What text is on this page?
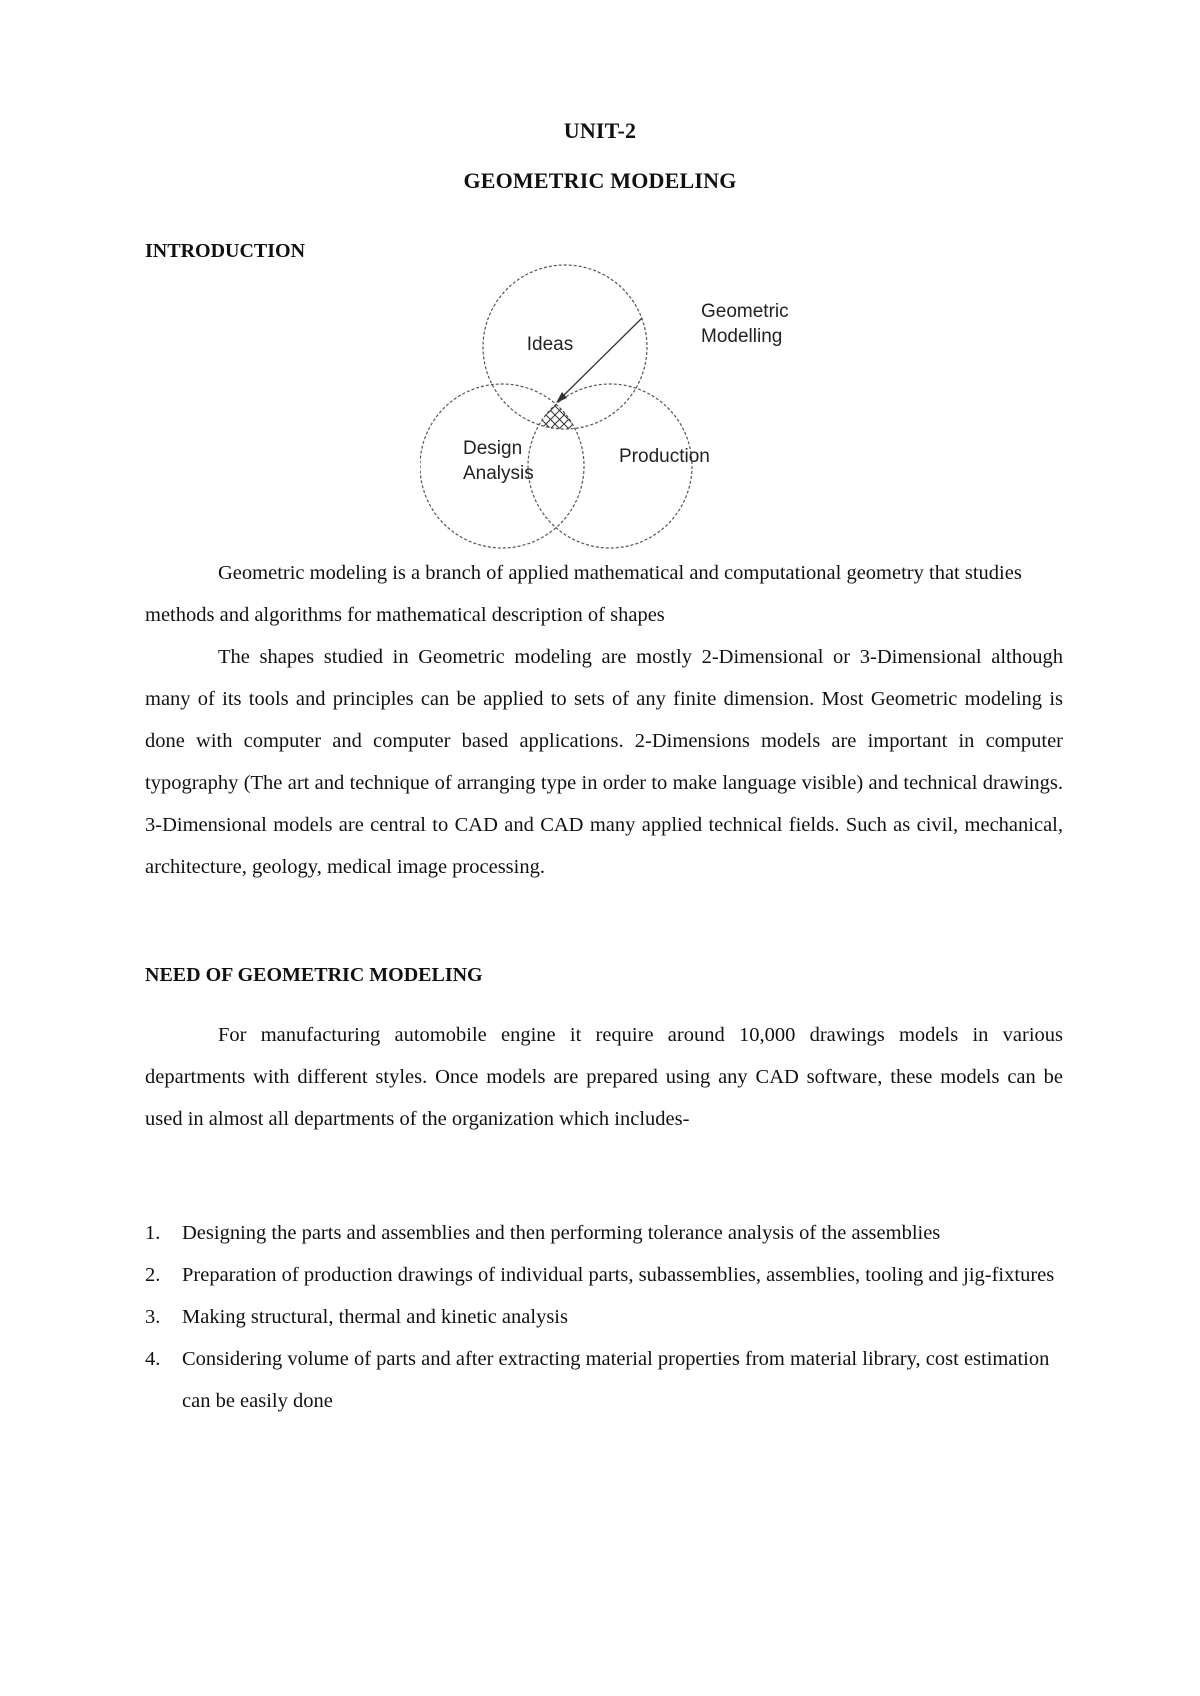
UNIT-2
GEOMETRIC MODELING
INTRODUCTION
Ideas
Design
Analysis
Production
Geometric
Modelling

Geometric modeling is a branch of applied mathematical and computational geometry that studies methods and algorithms for mathematical description of shapes

The shapes studied in Geometric modeling are mostly 2-Dimensional or 3-Dimensional although many of its tools and principles can be applied to sets of any finite dimension. Most Geometric modeling is done with computer and computer based applications. 2-Dimensions models are important in computer typography (The art and technique of arranging type in order to make language visible) and technical drawings. 3-Dimensional models are central to CAD and CAD many applied technical fields. Such as civil, mechanical, architecture, geology, medical image processing.

NEED OF GEOMETRIC MODELING

For manufacturing automobile engine it require around 10,000 drawings models in various departments with different styles. Once models are prepared using any CAD software, these models can be used in almost all departments of the organization which includes-

1. Designing the parts and assemblies and then performing tolerance analysis of the assemblies
2. Preparation of production drawings of individual parts, subassemblies, assemblies, tooling and jig-fixtures
3. Making structural, thermal and kinetic analysis
4. Considering volume of parts and after extracting material properties from material library, cost estimation can be easily done
